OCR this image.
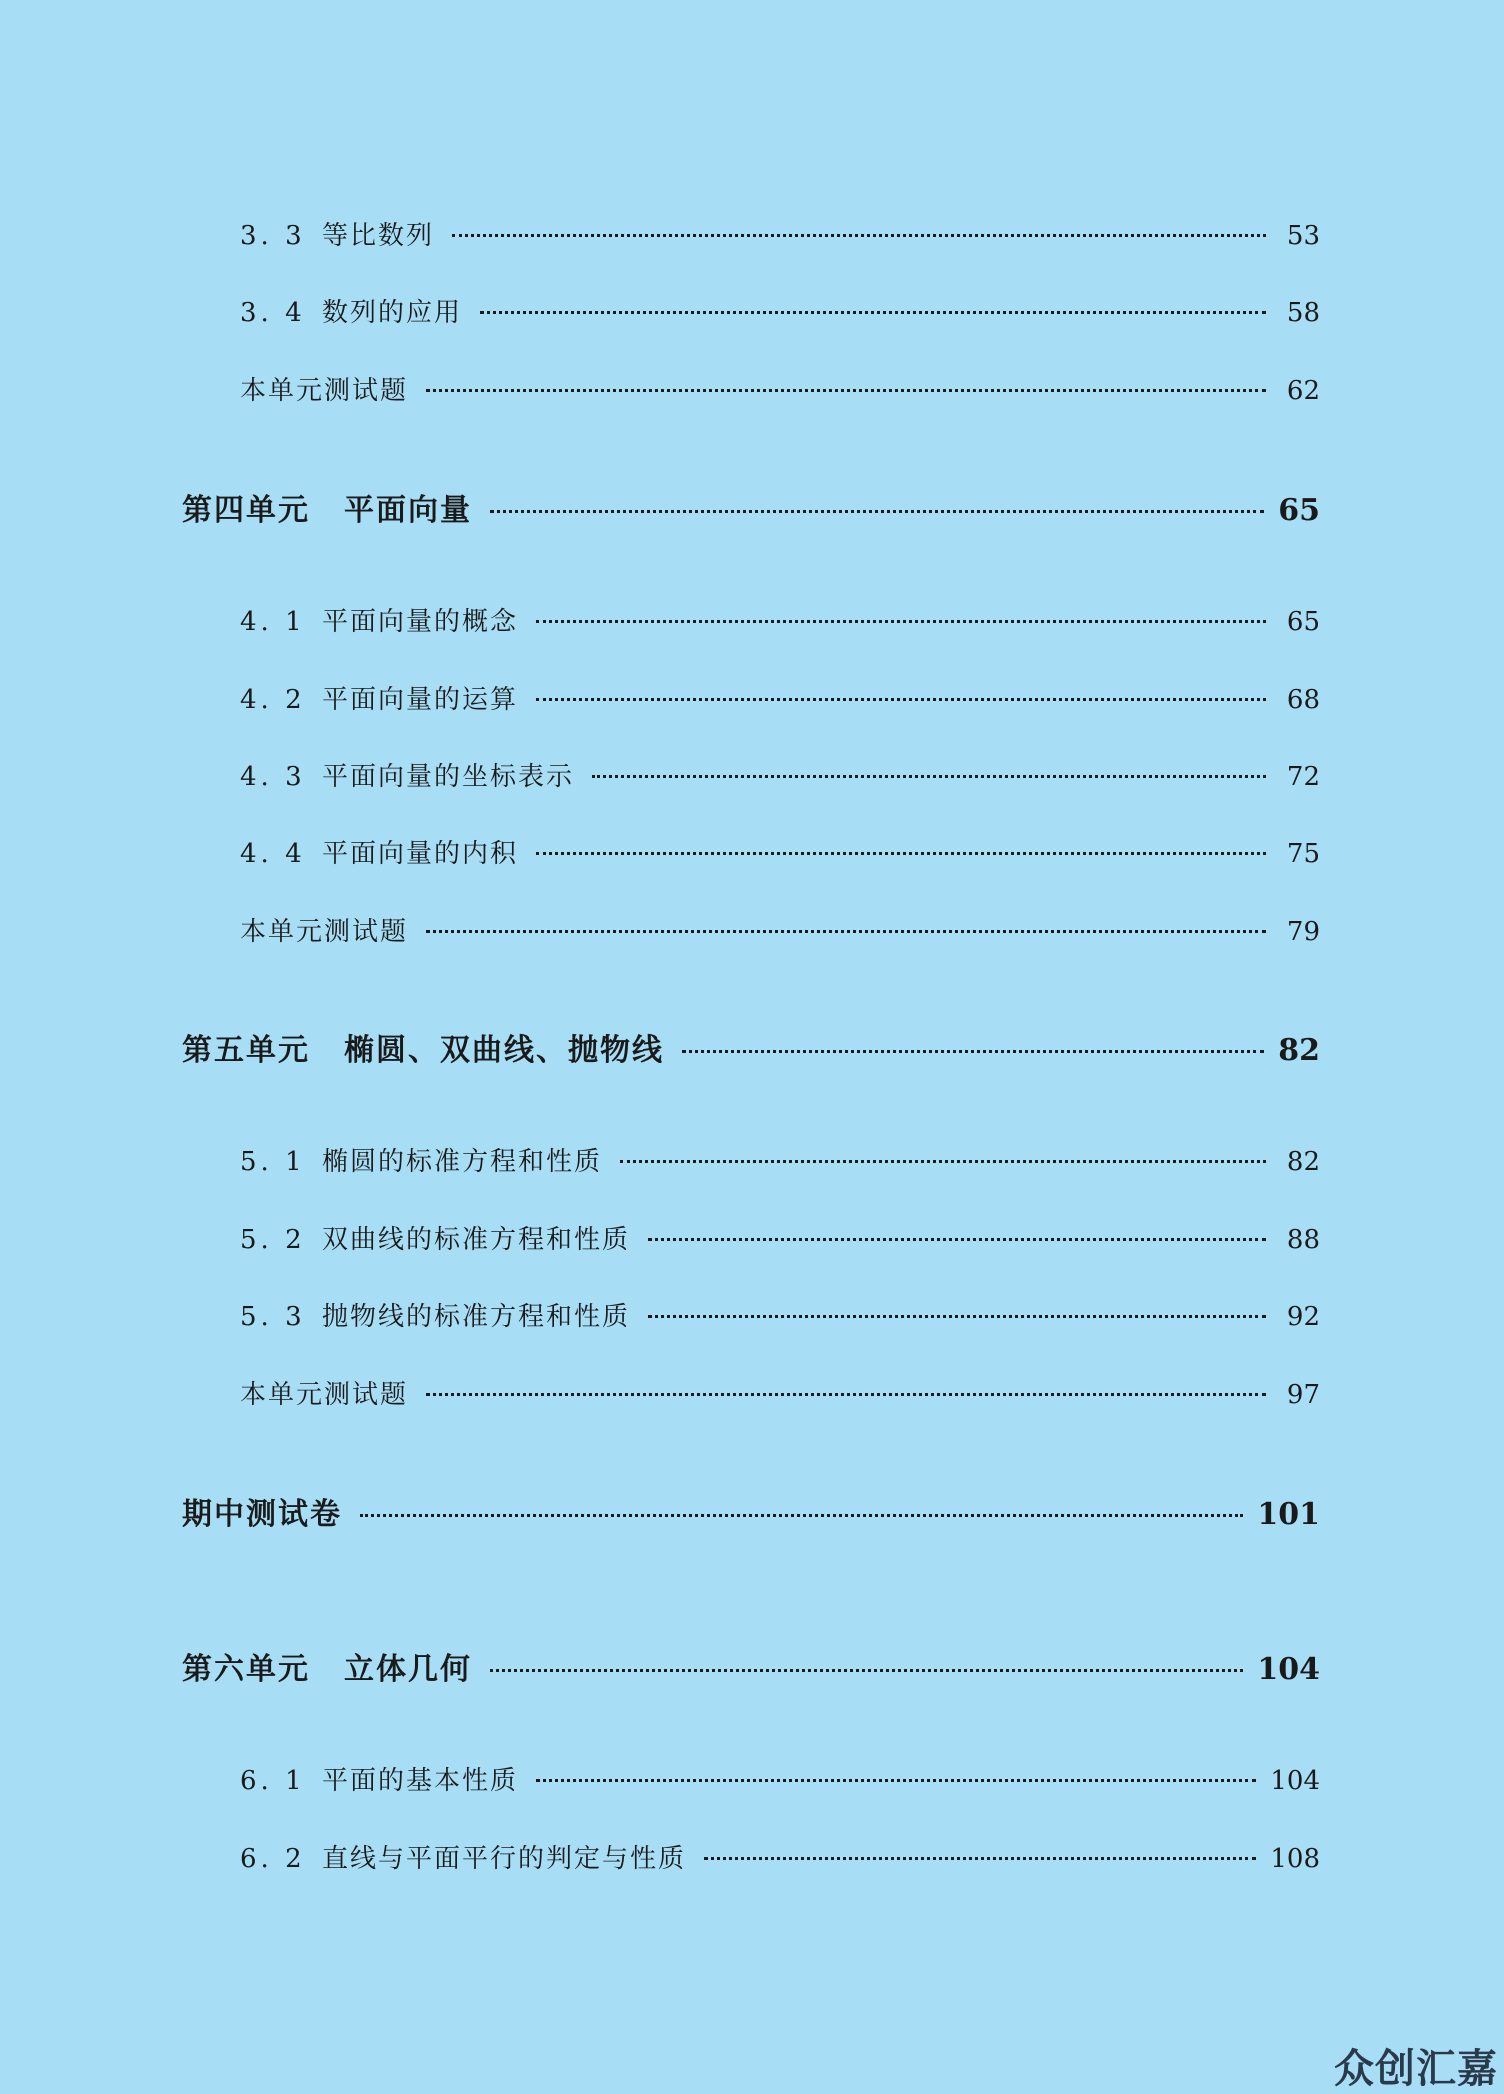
3. 3 等比数列	53
3. 4 数列的应用	58
本单元测试题	62
第四单元 平面向量	65
4. 1 平面向量的概念	65
4. 2 平面向量的运算	68
4. 3 平面向量的坐标表示	72
4. 4 平面向量的内积	75
本单元测试题	79
第五单元 椭圆、双曲线、抛物线	82
5. 1 椭圆的标准方程和性质	82
5. 2 双曲线的标准方程和性质	88
5. 3 抛物线的标准方程和性质	92
本单元测试题	97
期中测试卷	101
第六单元 立体几何	104
6. 1 平面的基本性质	104
6. 2 直线与平面平行的判定与性质	108
众创汇嘉
